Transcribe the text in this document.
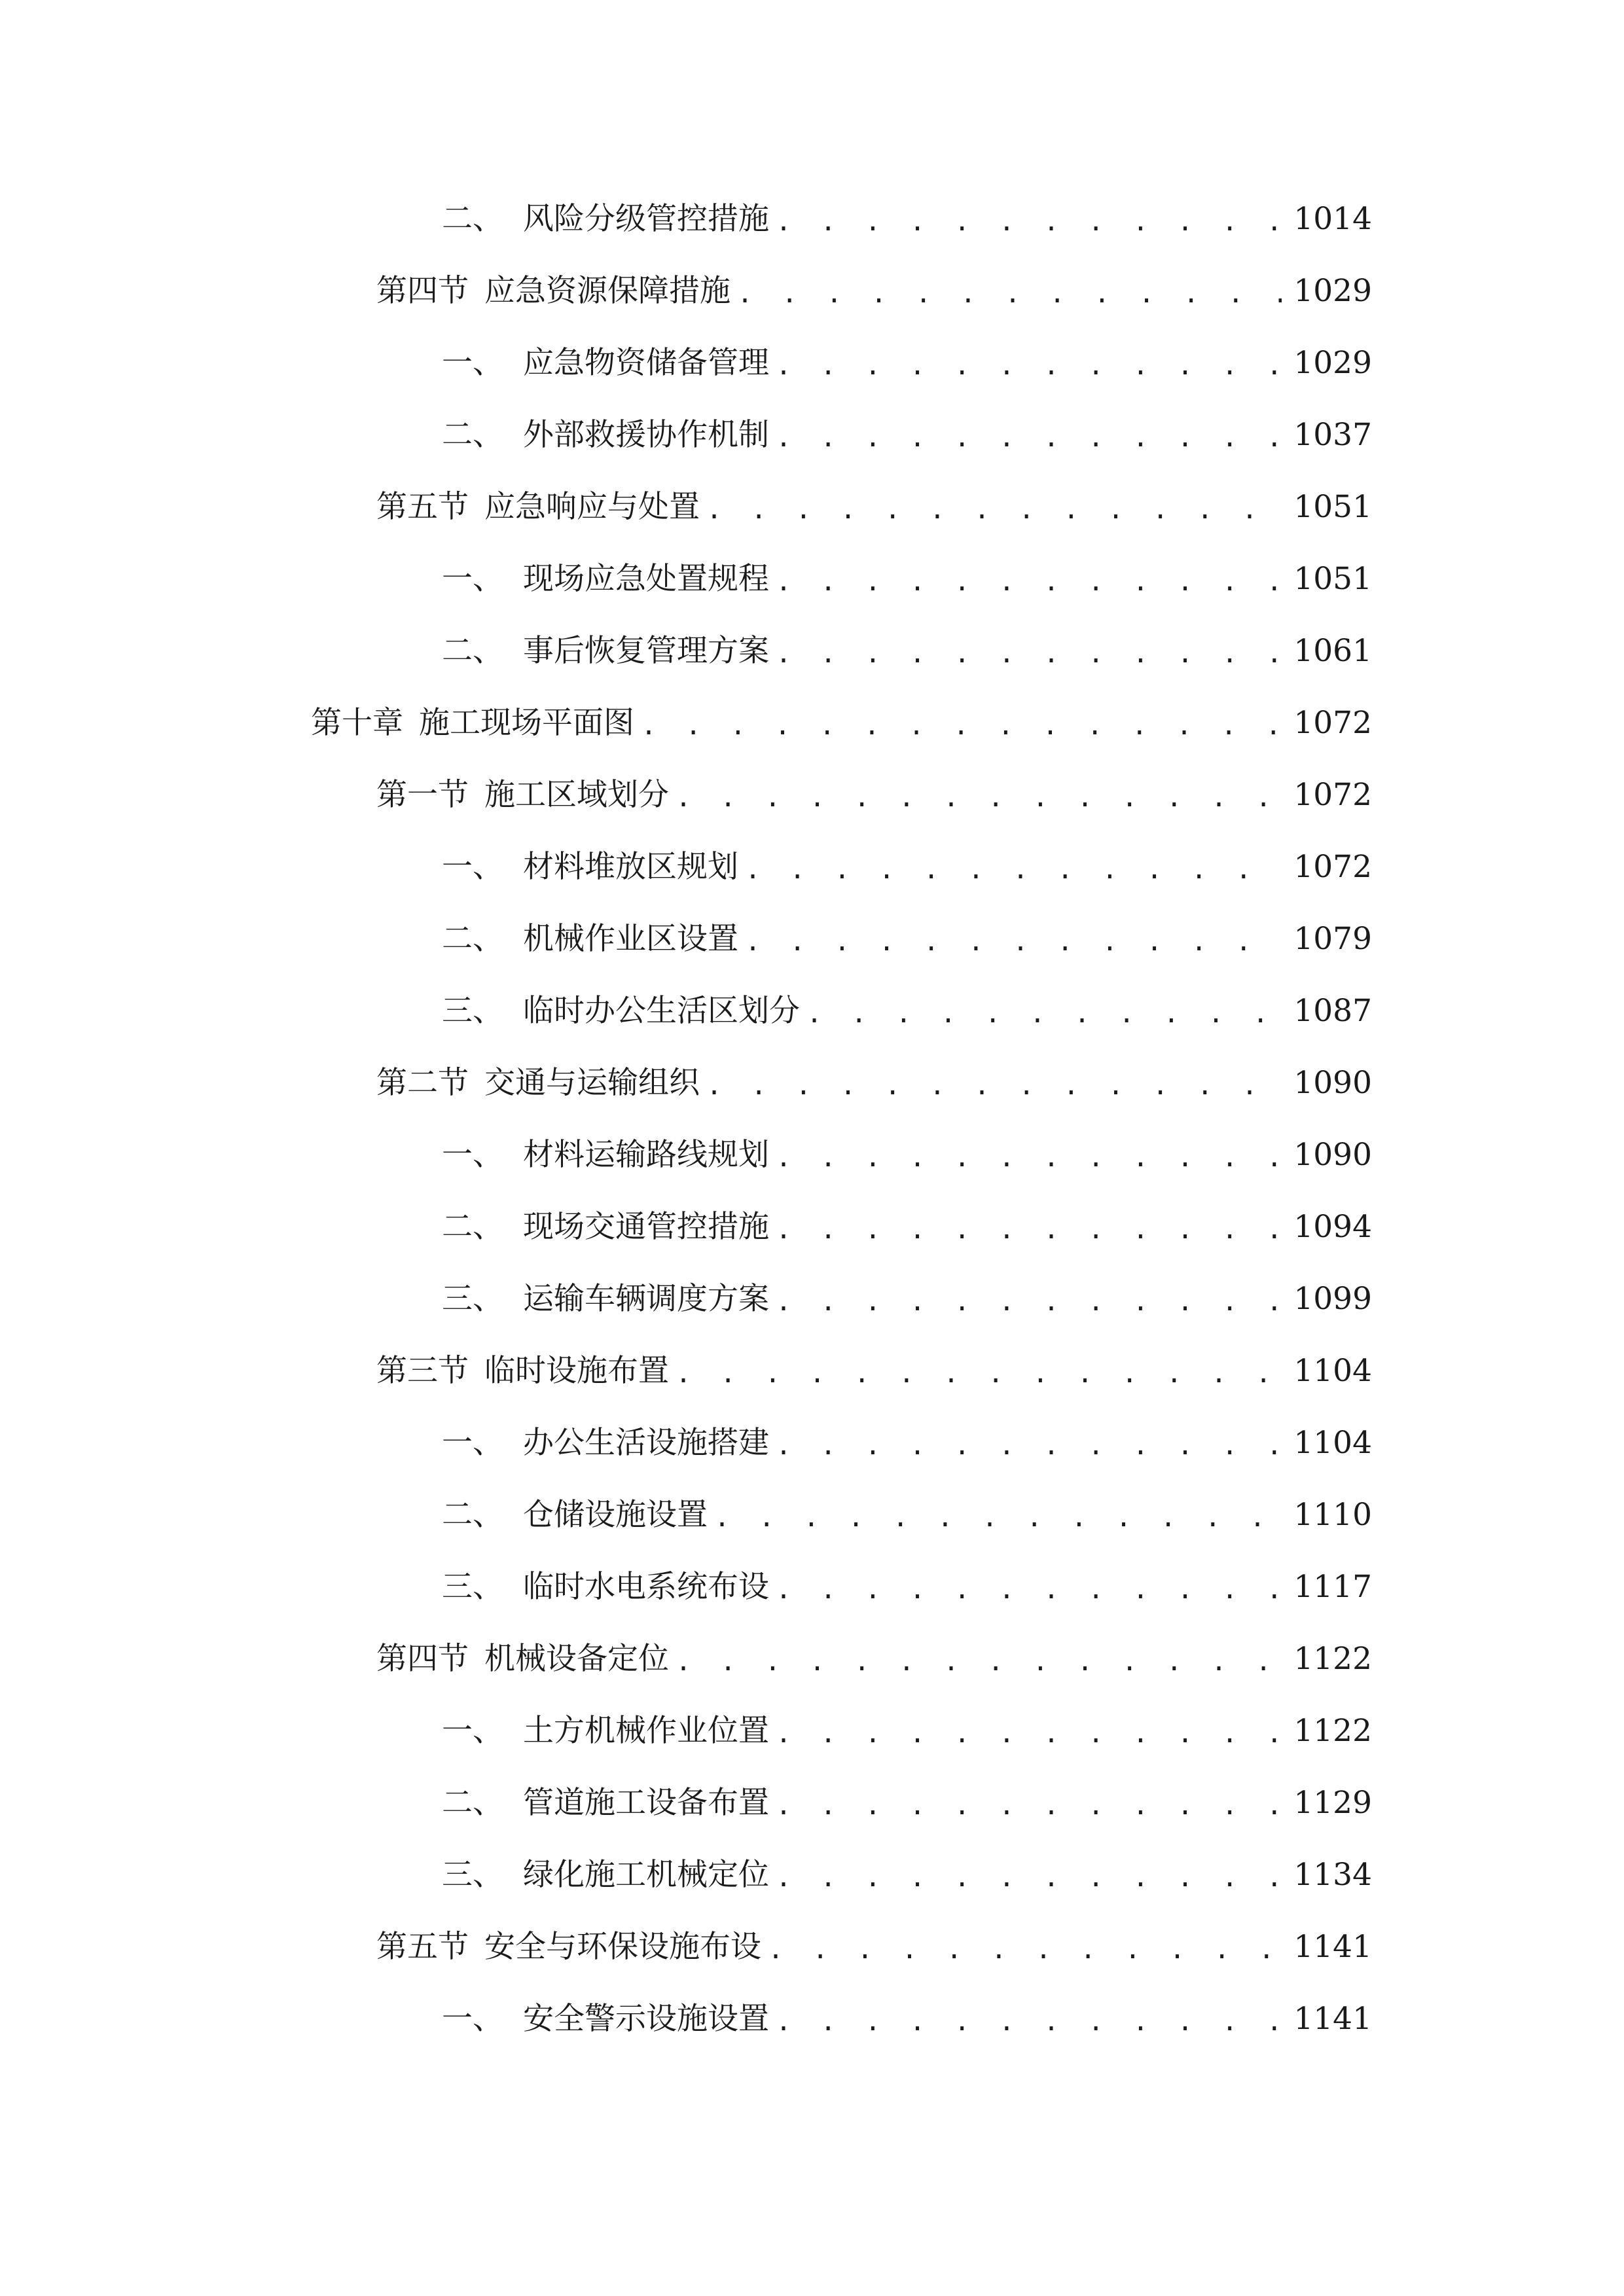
二、 风险分级管控措施 . . .	1014
第四节 应急资源保障措施 . . .	1029
一、 应急物资储备管理 . . .	1029
二、 外部救援协作机制 . . .	1037
第五节 应急响应与处置 . . .	1051
一、 现场应急处置规程 . . .	1051
二、 事后恢复管理方案 . . .	1061
第十章 施工现场平面图 . . .	1072
第一节 施工区域划分 . . .	1072
一、 材料堆放区规划 . . .	1072
二、 机械作业区设置 . . .	1079
三、 临时办公生活区划分 . . .	1087
第二节 交通与运输组织 . . .	1090
一、 材料运输路线规划 . . .	1090
二、 现场交通管控措施 . . .	1094
三、 运输车辆调度方案 . . .	1099
第三节 临时设施布置 . . .	1104
一、 办公生活设施搭建 . . .	1104
二、 仓储设施设置 . . .	1110
三、 临时水电系统布设 . . .	1117
第四节 机械设备定位 . . .	1122
一、 土方机械作业位置 . . .	1122
二、 管道施工设备布置 . . .	1129
三、 绿化施工机械定位 . . .	1134
第五节 安全与环保设施布设 . . .	1141
一、 安全警示设施设置 . . .	1141
